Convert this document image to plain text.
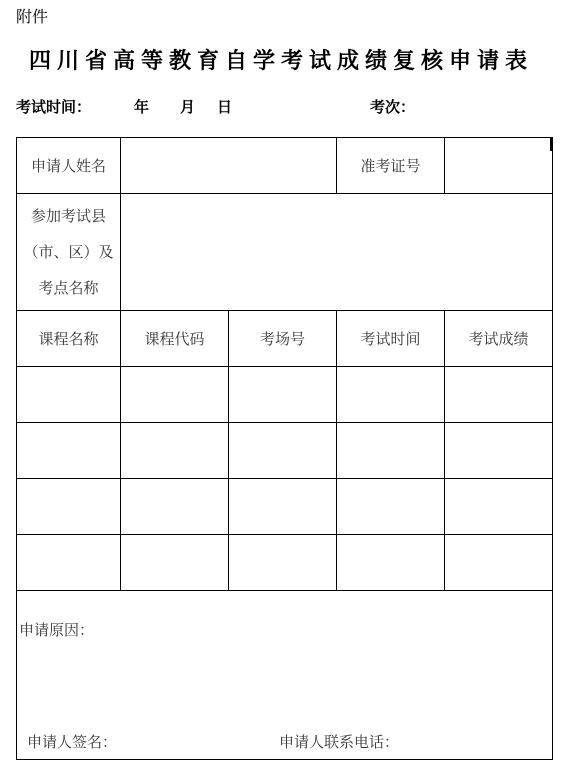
附件
四川省高等教育自学考试成绩复核申请表
考试时间：	年 月 日	考次：
申请人姓名			准考证号	

参加考试县
（市、区）及
考点名称				

课程名称	课程代码	考场号	考试时间	考试成绩

申请原因：
申请人签名： 申请人联系电话：				
